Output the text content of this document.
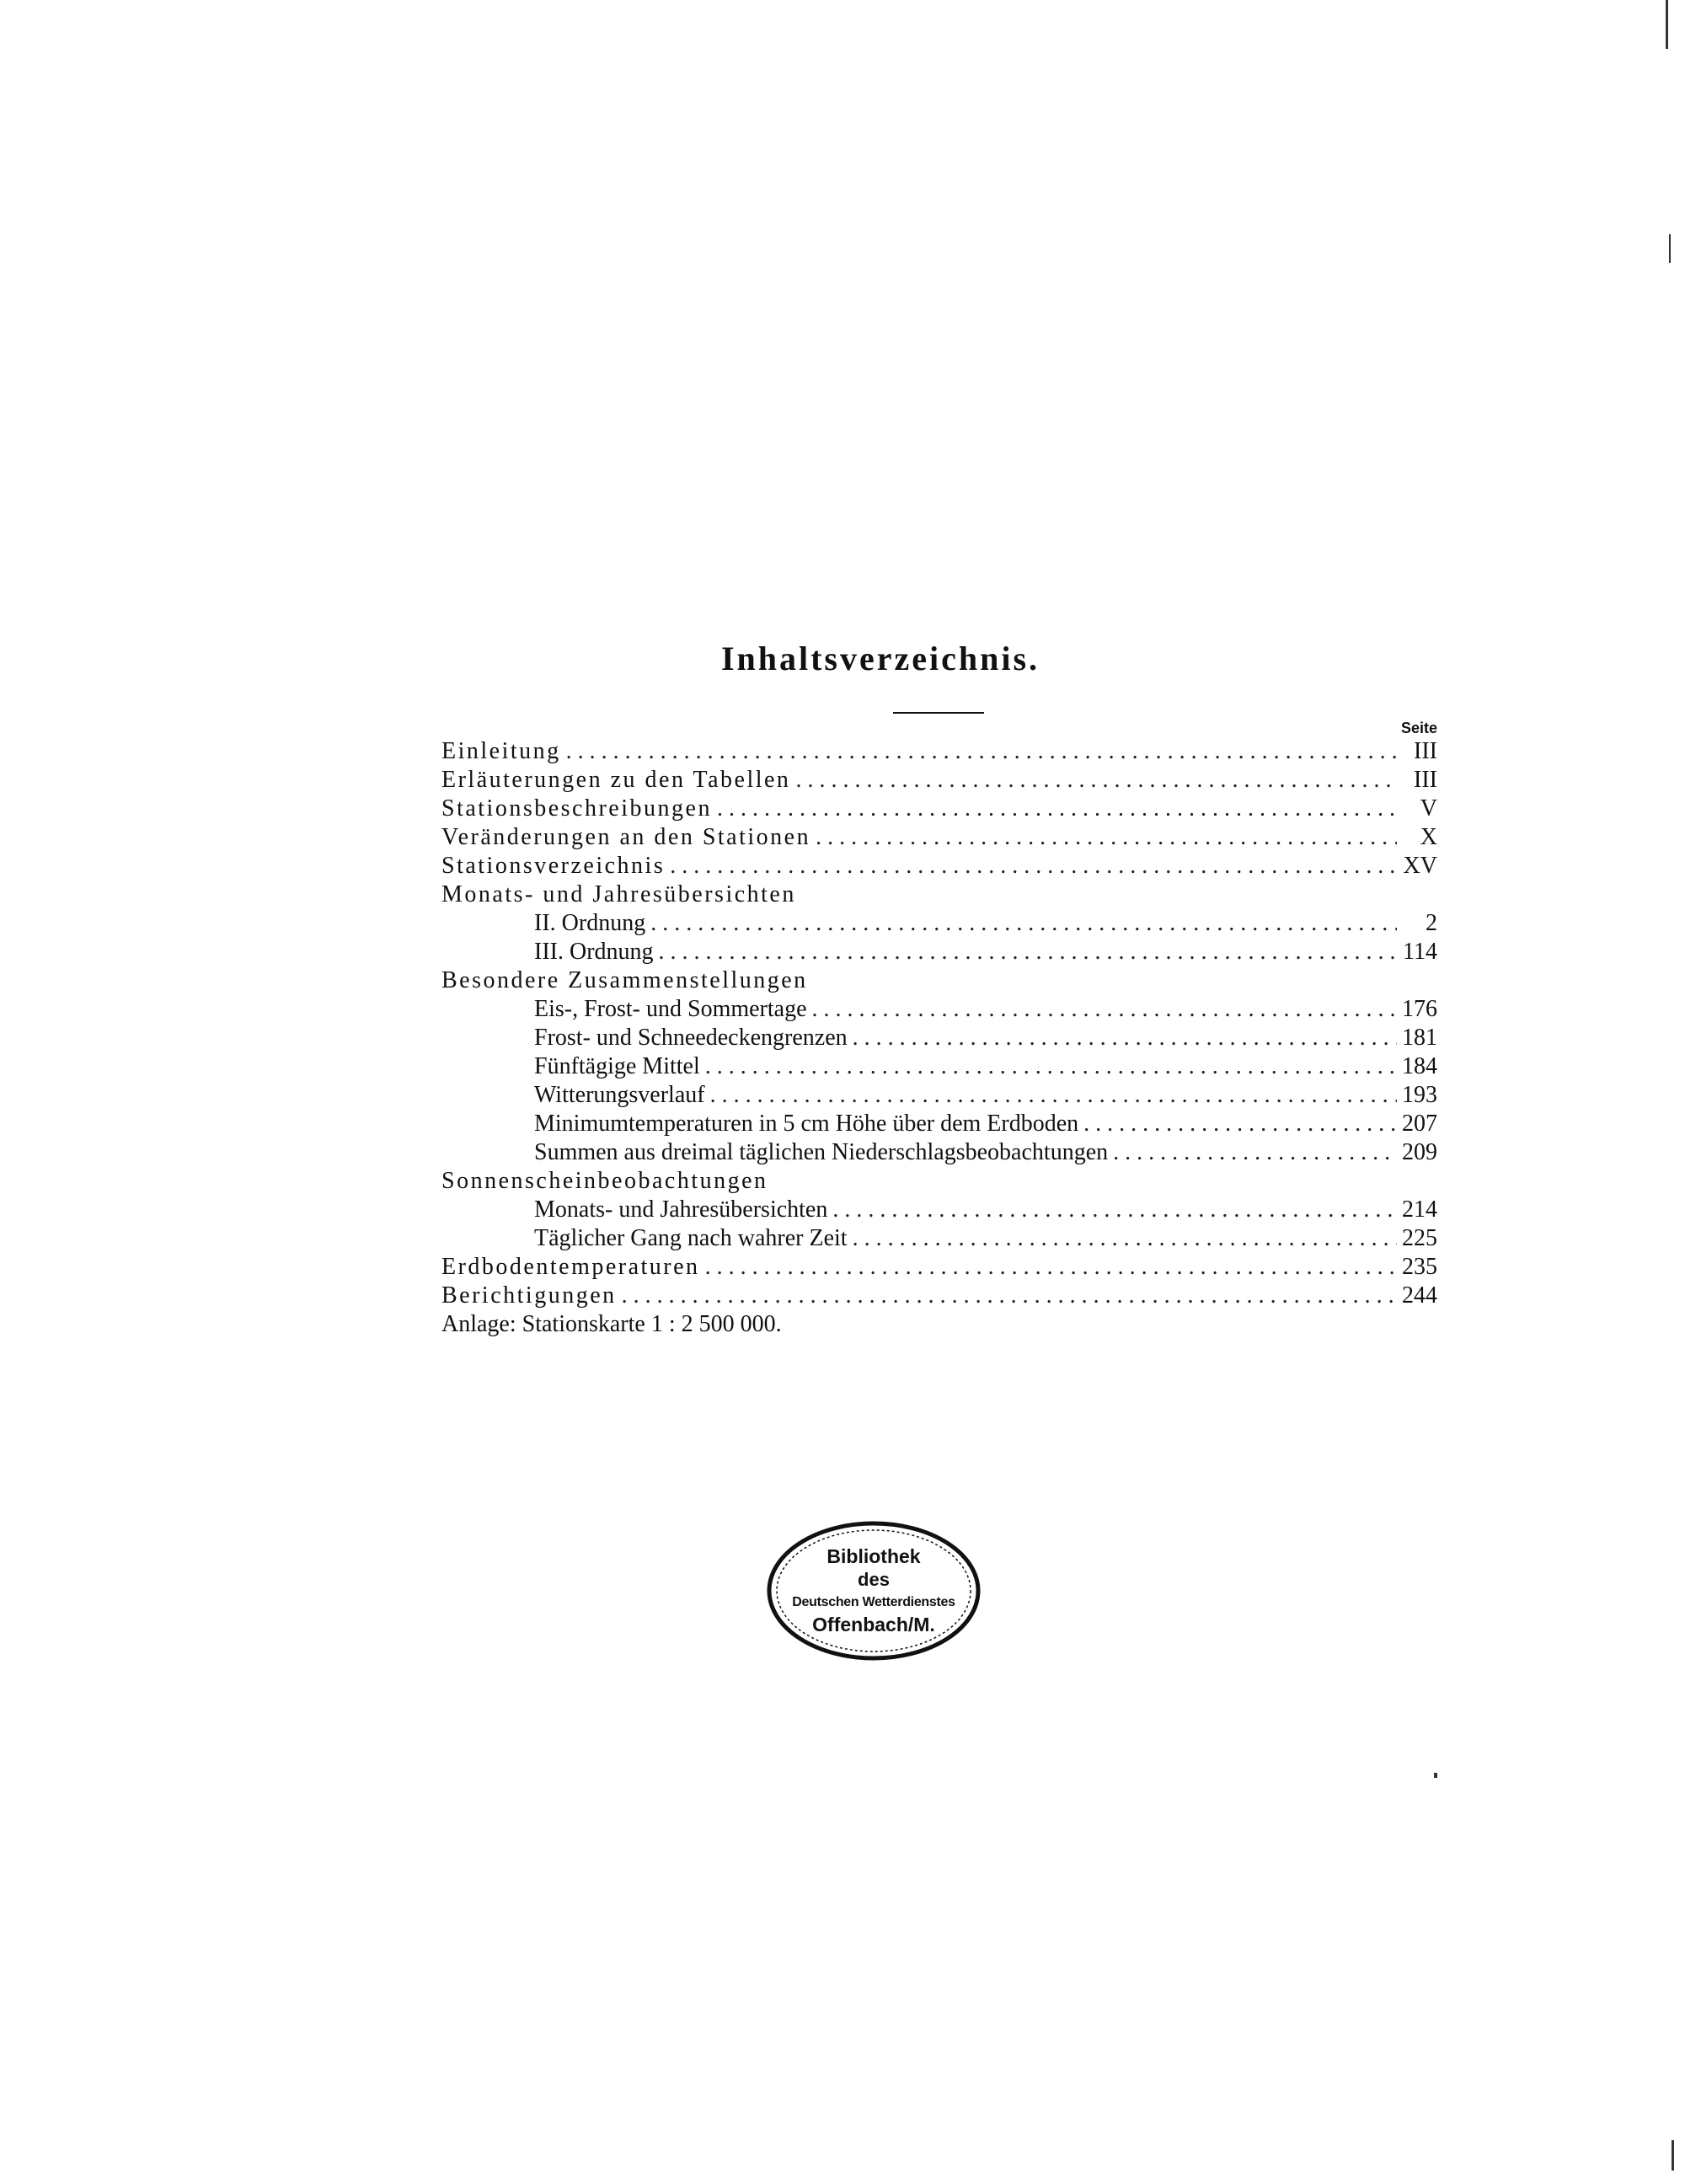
Inhaltsverzeichnis.
Seite
Einleitung .....	III
Erläuterungen zu den Tabellen .....	III
Stationsbeschreibungen .....	V
Veränderungen an den Stationen .....	X
Stationsverzeichnis .....	XV
Monats- und Jahresübersichten
II. Ordnung .....	2
III. Ordnung .....	114
Besondere Zusammenstellungen
Eis-, Frost- und Sommertage .....	176
Frost- und Schneedeckengrenzen .....	181
Fünftägige Mittel .....	184
Witterungsverlauf .....	193
Minimumtemperaturen in 5 cm Höhe über dem Erdboden .....	207
Summen aus dreimal täglichen Niederschlagsbeobachtungen .....	209
Sonnenscheinbeobachtungen
Monats- und Jahresübersichten .....	214
Täglicher Gang nach wahrer Zeit .....	225
Erdbodentemperaturen .....	235
Berichtigungen .....	244
Anlage: Stationskarte 1 : 2 500 000.
Bibliothek
des
Deutschen Wetterdienstes
Offenbach/M.
